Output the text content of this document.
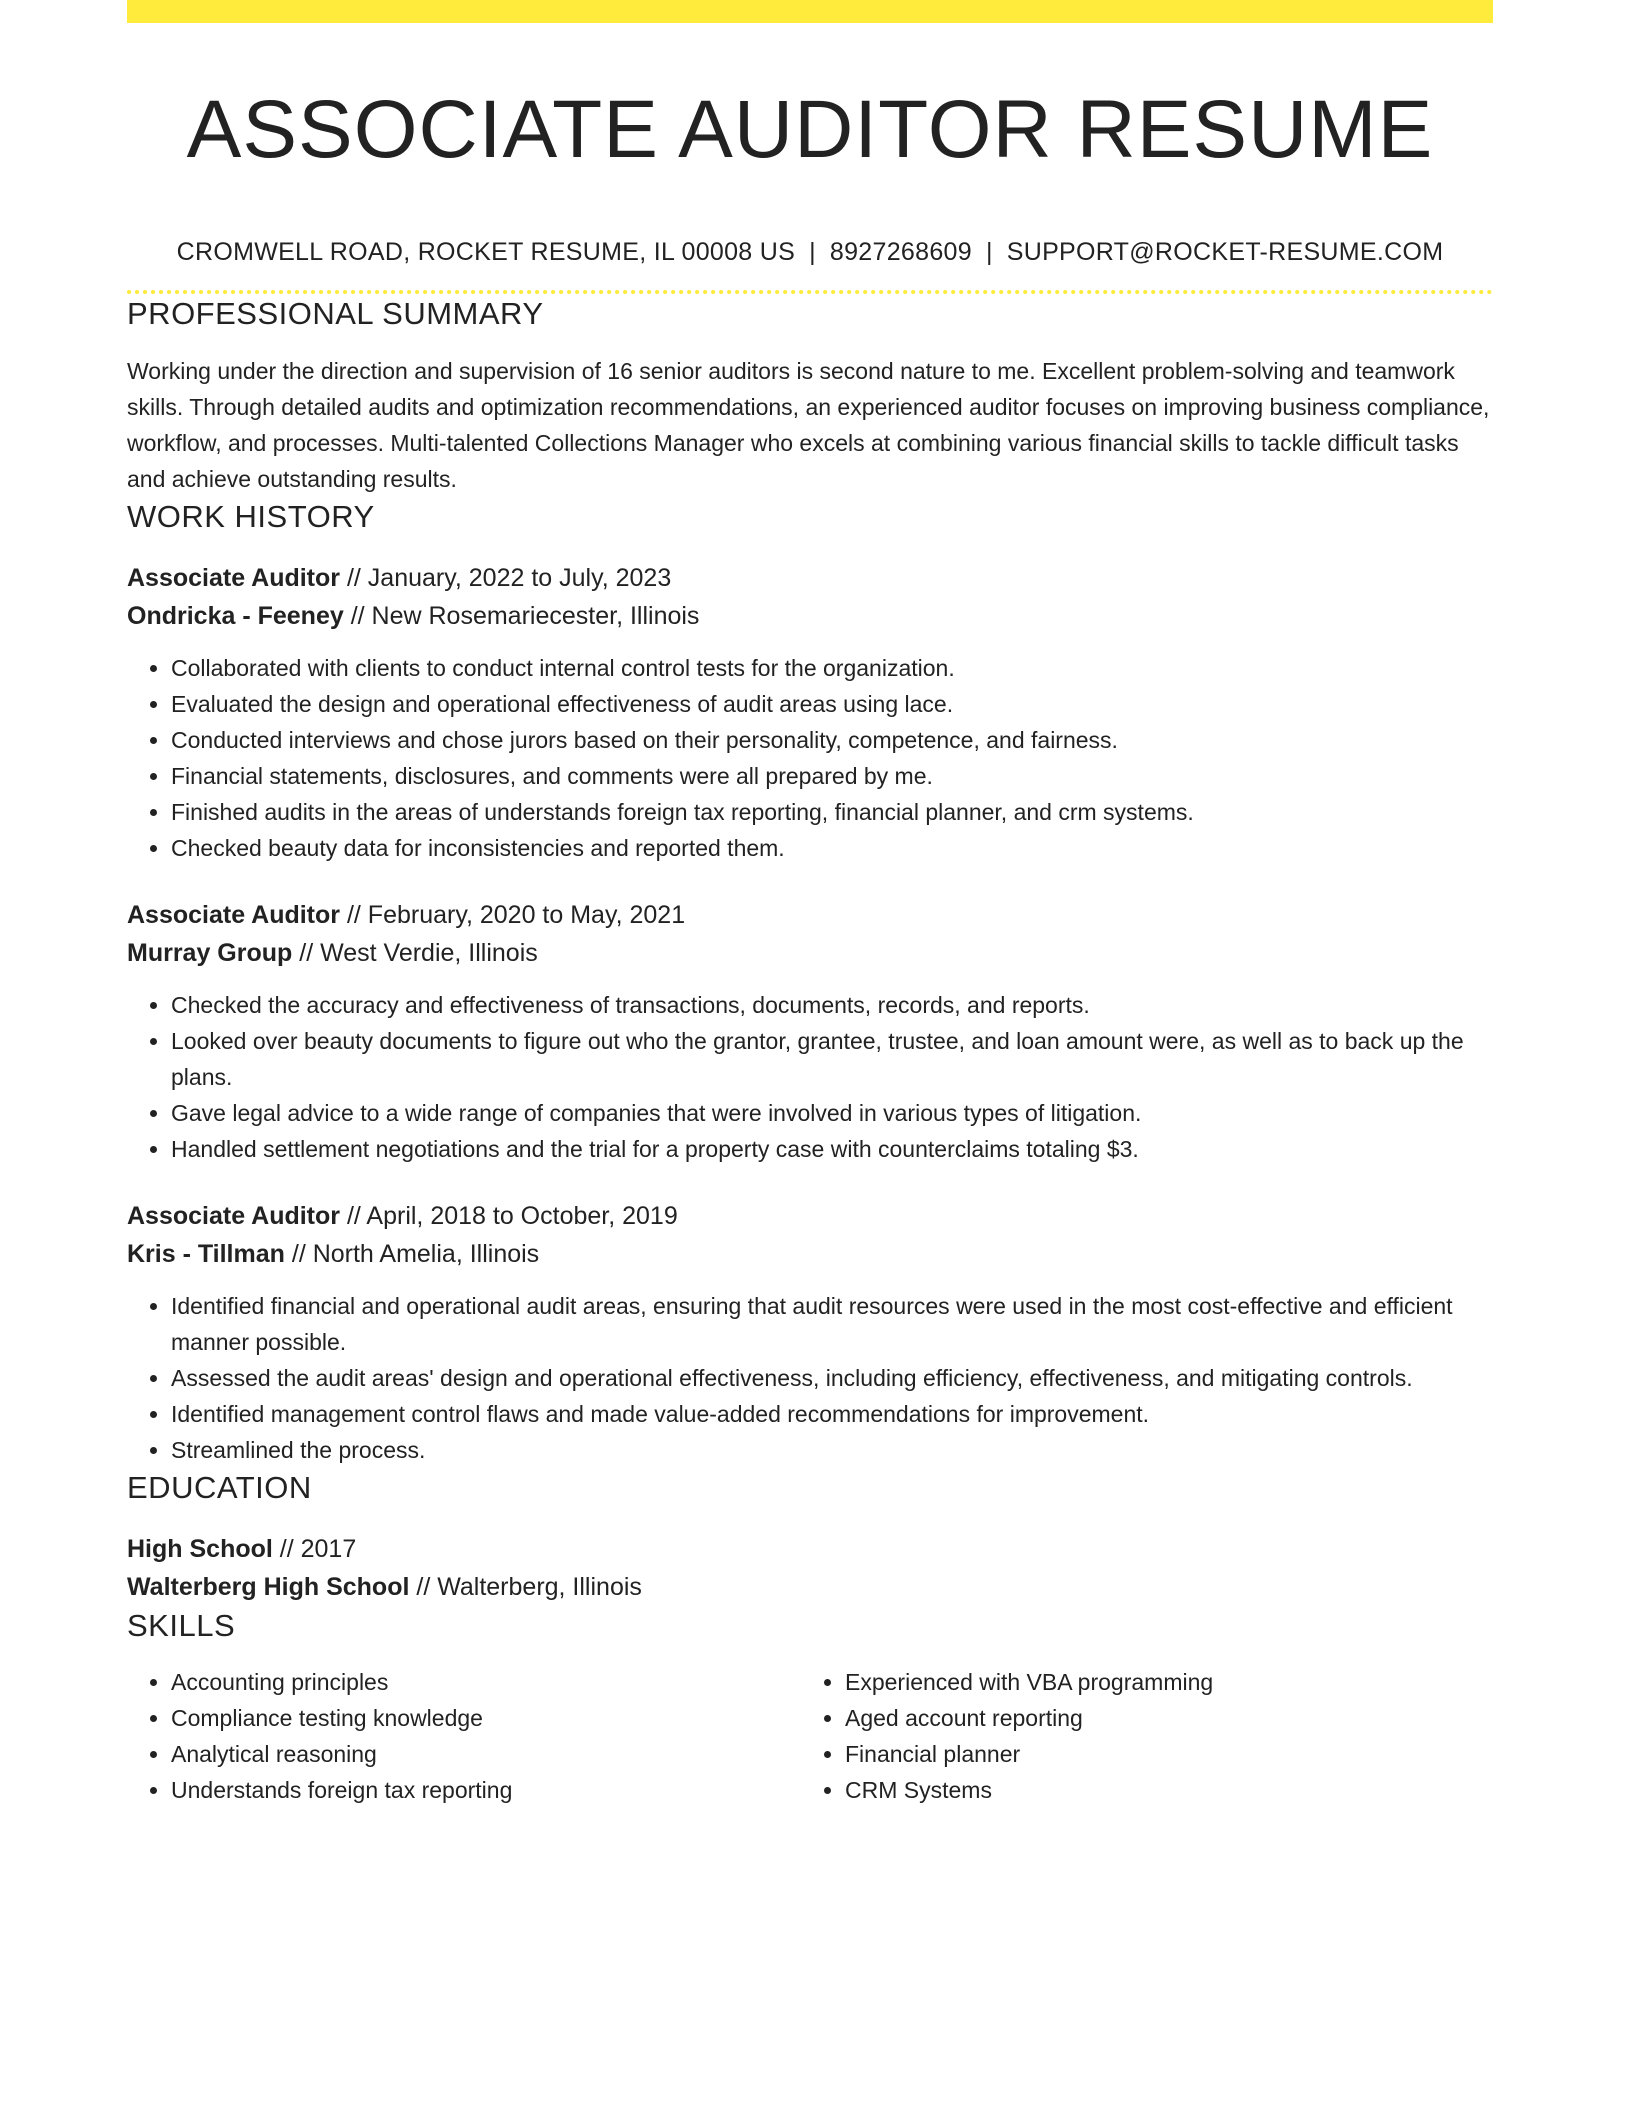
ASSOCIATE AUDITOR RESUME
CROMWELL ROAD, ROCKET RESUME, IL 00008 US | 8927268609 | SUPPORT@ROCKET-RESUME.COM
PROFESSIONAL SUMMARY
Working under the direction and supervision of 16 senior auditors is second nature to me. Excellent problem-solving and teamwork skills. Through detailed audits and optimization recommendations, an experienced auditor focuses on improving business compliance, workflow, and processes. Multi-talented Collections Manager who excels at combining various financial skills to tackle difficult tasks and achieve outstanding results.
WORK HISTORY
Associate Auditor // January, 2022 to July, 2023
Ondricka - Feeney // New Rosemariecester, Illinois
• Collaborated with clients to conduct internal control tests for the organization.
• Evaluated the design and operational effectiveness of audit areas using lace.
• Conducted interviews and chose jurors based on their personality, competence, and fairness.
• Financial statements, disclosures, and comments were all prepared by me.
• Finished audits in the areas of understands foreign tax reporting, financial planner, and crm systems.
• Checked beauty data for inconsistencies and reported them.
Associate Auditor // February, 2020 to May, 2021
Murray Group // West Verdie, Illinois
• Checked the accuracy and effectiveness of transactions, documents, records, and reports.
• Looked over beauty documents to figure out who the grantor, grantee, trustee, and loan amount were, as well as to back up the plans.
• Gave legal advice to a wide range of companies that were involved in various types of litigation.
• Handled settlement negotiations and the trial for a property case with counterclaims totaling $3.
Associate Auditor // April, 2018 to October, 2019
Kris - Tillman // North Amelia, Illinois
• Identified financial and operational audit areas, ensuring that audit resources were used in the most cost-effective and efficient manner possible.
• Assessed the audit areas' design and operational effectiveness, including efficiency, effectiveness, and mitigating controls.
• Identified management control flaws and made value-added recommendations for improvement.
• Streamlined the process.
EDUCATION
High School // 2017
Walterberg High School // Walterberg, Illinois
SKILLS
• Accounting principles
• Compliance testing knowledge
• Analytical reasoning
• Understands foreign tax reporting
• Experienced with VBA programming
• Aged account reporting
• Financial planner
• CRM Systems
